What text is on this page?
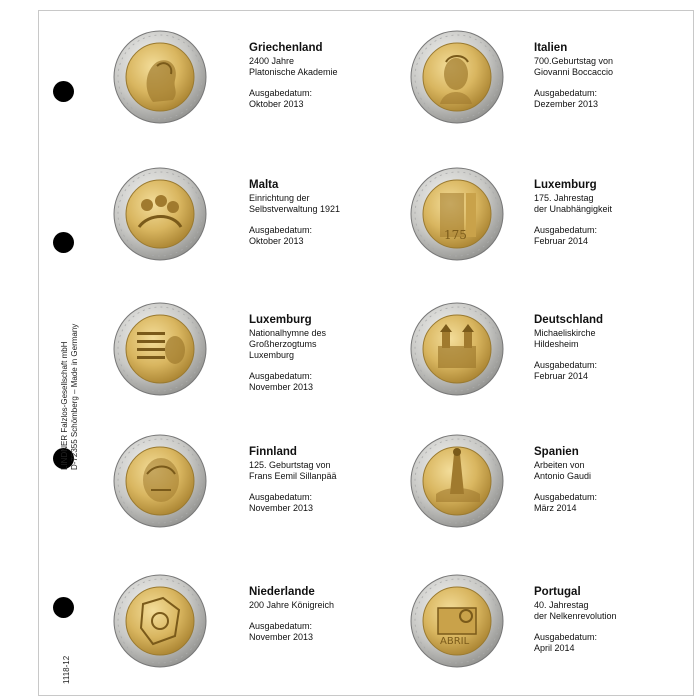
LINDNER Falzlos-Gesellschaft mbH D-72355 Schömberg – Made in Germany
1118-12
Griechenland
2400 Jahre
Platonische Akademie
Ausgabedatum:
Oktober 2013
Italien
700.Geburtstag von
Giovanni Boccaccio
Ausgabedatum:
Dezember 2013
Malta
Einrichtung der
Selbstverwaltung 1921
Ausgabedatum:
Oktober 2013	175
Luxemburg
175. Jahrestag
der Unabhängigkeit
Ausgabedatum:
Februar 2014
Luxemburg
Nationalhymne des
Großherzogtums
Luxemburg
Ausgabedatum:
November 2013
Deutschland
Michaeliskirche
Hildesheim
Ausgabedatum:
Februar 2014
Finnland
125. Geburtstag von
Frans Eemil Sillanpää
Ausgabedatum:
November 2013
Spanien
Arbeiten von
Antonio Gaudi
Ausgabedatum:
März 2014
Niederlande
200 Jahre Königreich
Ausgabedatum:
November 2013	ABRIL
Portugal
40. Jahrestag
der Nelkenrevolution
Ausgabedatum:
April 2014
